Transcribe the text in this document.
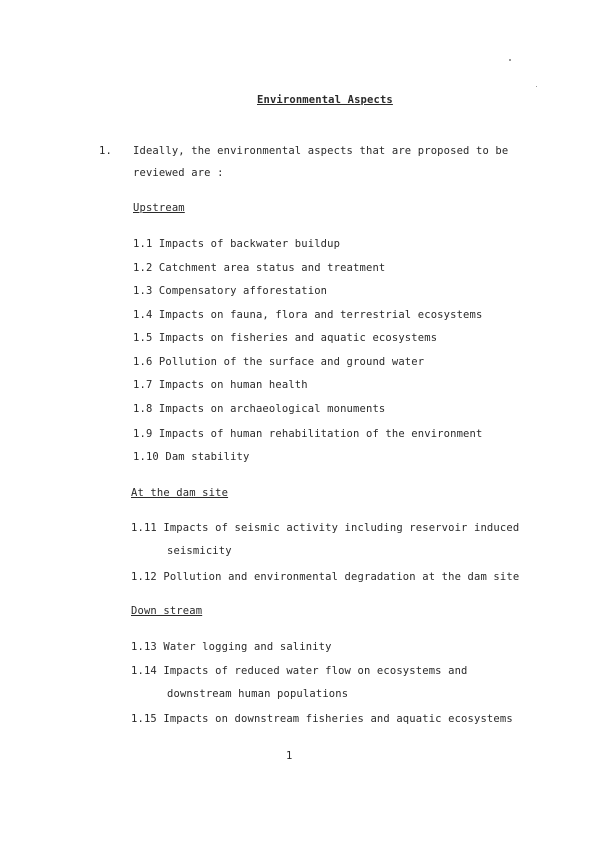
Environmental Aspects
1. Ideally, the environmental aspects that are proposed to be
reviewed are :
Upstream
1.1 Impacts of backwater buildup
1.2 Catchment area status and treatment
1.3 Compensatory afforestation
1.4 Impacts on fauna, flora and terrestrial ecosystems
1.5 Impacts on fisheries and aquatic ecosystems
1.6 Pollution of the surface and ground water
1.7 Impacts on human health
1.8 Impacts on archaeological monuments
1.9 Impacts of human rehabilitation of the environment
1.10 Dam stability
At the dam site
1.11 Impacts of seismic activity including reservoir induced
seismicity
1.12 Pollution and environmental degradation at the dam site
Down stream
1.13 Water logging and salinity
1.14 Impacts of reduced water flow on ecosystems and
downstream human populations
1.15 Impacts on downstream fisheries and aquatic ecosystems
1
